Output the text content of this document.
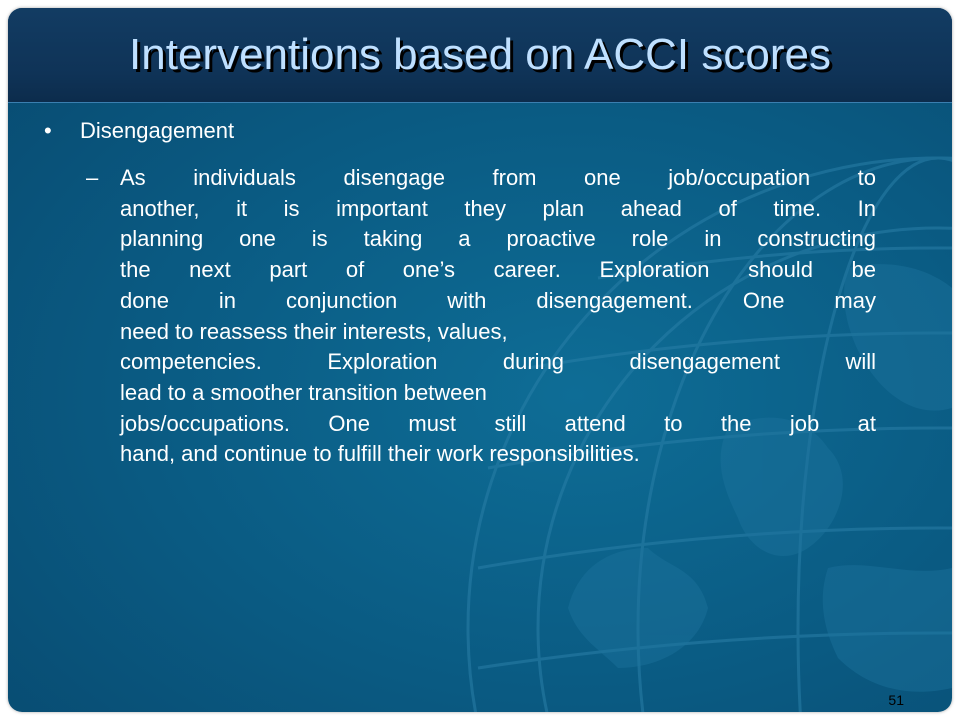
Interventions based on ACCI scores
• Disengagement
– As individuals disengage from one job/occupation to
another, it is important they plan ahead of time. In
planning one is taking a proactive role in constructing
the next part of one’s career. Exploration should be
done in conjunction with disengagement. One may
need to reassess their interests, values,
competencies. Exploration during disengagement will
lead to a smoother transition between
jobs/occupations. One must still attend to the job at
hand, and continue to fulfill their work responsibilities.
51
